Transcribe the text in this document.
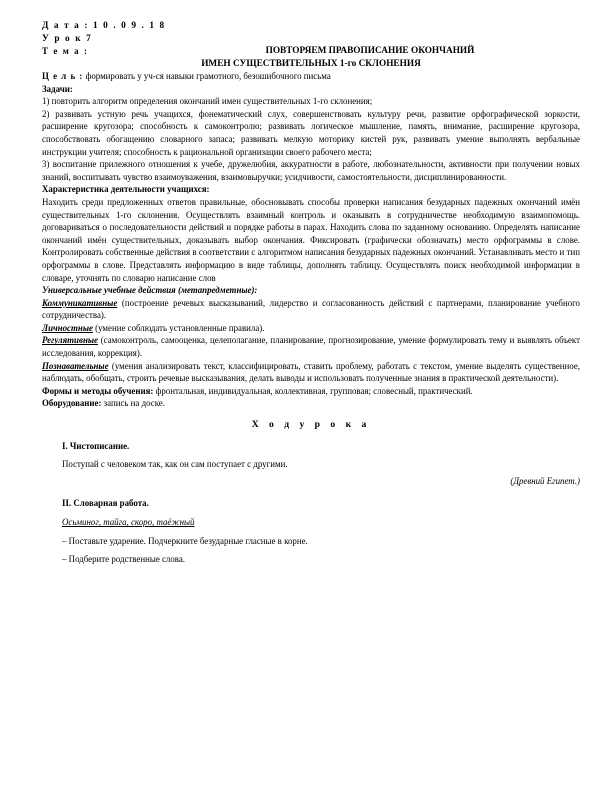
Д а т а : 1 0 . 0 9 . 1 8
У р о к 7
Т е м а :	ПОВТОРЯЕМ ПРАВОПИСАНИЕ ОКОНЧАНИЙ
ИМЕН СУЩЕСТВИТЕЛЬНЫХ 1-го СКЛОНЕНИЯ

Ц е л ь : формировать у уч-ся навыки грамотного, безошибочного письма

Задачи:

1) повторить алгоритм определения окончаний имен существительных 1-го склонения;

2) развивать устную речь учащихся, фонематический слух, совершенствовать культуру речи, развитие орфографической зоркости, расширение кругозора; способность к самоконтролю; развивать логическое мышление, память, внимание, расширение кругозора, способствовать обогащению словарного запаса; развивать мелкую моторику кистей рук, развивать умение выполнять вербальные инструкции учителя; способность к рациональной организации своего рабочего места;

3) воспитание прилежного отношения к учебе, дружелюбия, аккуратности в работе, любознательности, активности при получении новых знаний, воспитывать чувство взаимоуважения, взаимовыручки; усидчивости, самостоятельности, дисциплинированности.

Характеристика деятельности учащихся:

Находить среди предложенных ответов правильные, обосновывать способы проверки написания безударных падежных окончаний имён существительных 1-го склонения. Осуществлять взаимный контроль и оказывать в сотрудничестве необходимую взаимопомощь. договариваться о последовательности действий и порядке работы в парах. Находить слова по заданному основанию. Определять написание окончаний имён существительных, доказывать выбор окончания. Фиксировать (графически обозначать) место орфограммы в слове. Контролировать собственные действия в соответствии с алгоритмом написания безударных падежных окончаний. Устанавливать место и тип орфограммы в слове. Представлять информацию в виде таблицы, дополнять таблицу. Осуществлять поиск необходимой информации в словаре, уточнять по словарю написание слов

Универсальные учебные действия (метапредметные):

Коммуникативные (построение речевых высказываний, лидерство и согласованность действий с партнерами, планирование учебного сотрудничества).

Личностные (умение соблюдать установленные правила).

Регулятивные (самоконтроль, самооценка, целеполагание, планирование, прогнозирование, умение формулировать тему и выявлять объект исследования, коррекция).

Познавательные (умения анализировать текст, классифицировать, ставить проблему, работать с текстом, умение выделять существенное, наблюдать, обобщать, строить речевые высказывания, делать выводы и использовать полученные знания в практической деятельности).

Формы и методы обучения: фронтальная, индивидуальная, коллективная, групповая; словесный, практический.

Оборудование: запись на доске.

Х о д у р о к а

I. Чистописание.

Поступай с человеком так, как он сам поступает с другими.

(Древний Египет.)

II. Словарная работа.

Осьминог, тайга, скоро, таёжный

– Поставьте ударение. Подчеркните безударные гласные в корне.

– Подберите родственные слова.
